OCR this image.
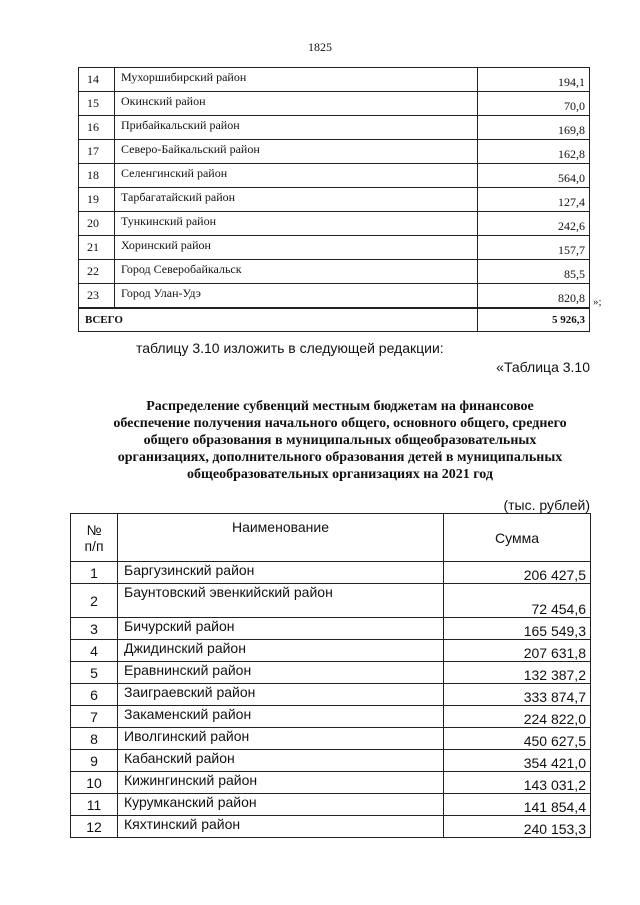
1825
14	Мухоршибирский район	194,1
15	Окинский район	70,0
16	Прибайкальский район	169,8
17	Северо-Байкальский район	162,8
18	Селенгинский район	564,0
19	Тарбагатайский район	127,4
20	Тункинский район	242,6
21	Хоринский район	157,7
22	Город Северобайкальск	85,5
23	Город Улан-Удэ	820,8
ВСЕГО		5 926,3
»;
таблицу 3.10 изложить в следующей редакции:
«Таблица 3.10
Распределение субвенций местным бюджетам на финансовое
обеспечение получения начального общего, основного общего, среднего
общего образования в муниципальных общеобразовательных
организациях, дополнительного образования детей в муниципальных
общеобразовательных организациях на 2021 год
(тыс. рублей)
№
п/п	Наименование	Сумма
1	Баргузинский район	206 427,5
2	Баунтовский эвенкийский район	72 454,6
3	Бичурский район	165 549,3
4	Джидинский район	207 631,8
5	Еравнинский район	132 387,2
6	Заиграевский район	333 874,7
7	Закаменский район	224 822,0
8	Иволгинский район	450 627,5
9	Кабанский район	354 421,0
10	Кижингинский район	143 031,2
11	Курумканский район	141 854,4
12	Кяхтинский район	240 153,3
